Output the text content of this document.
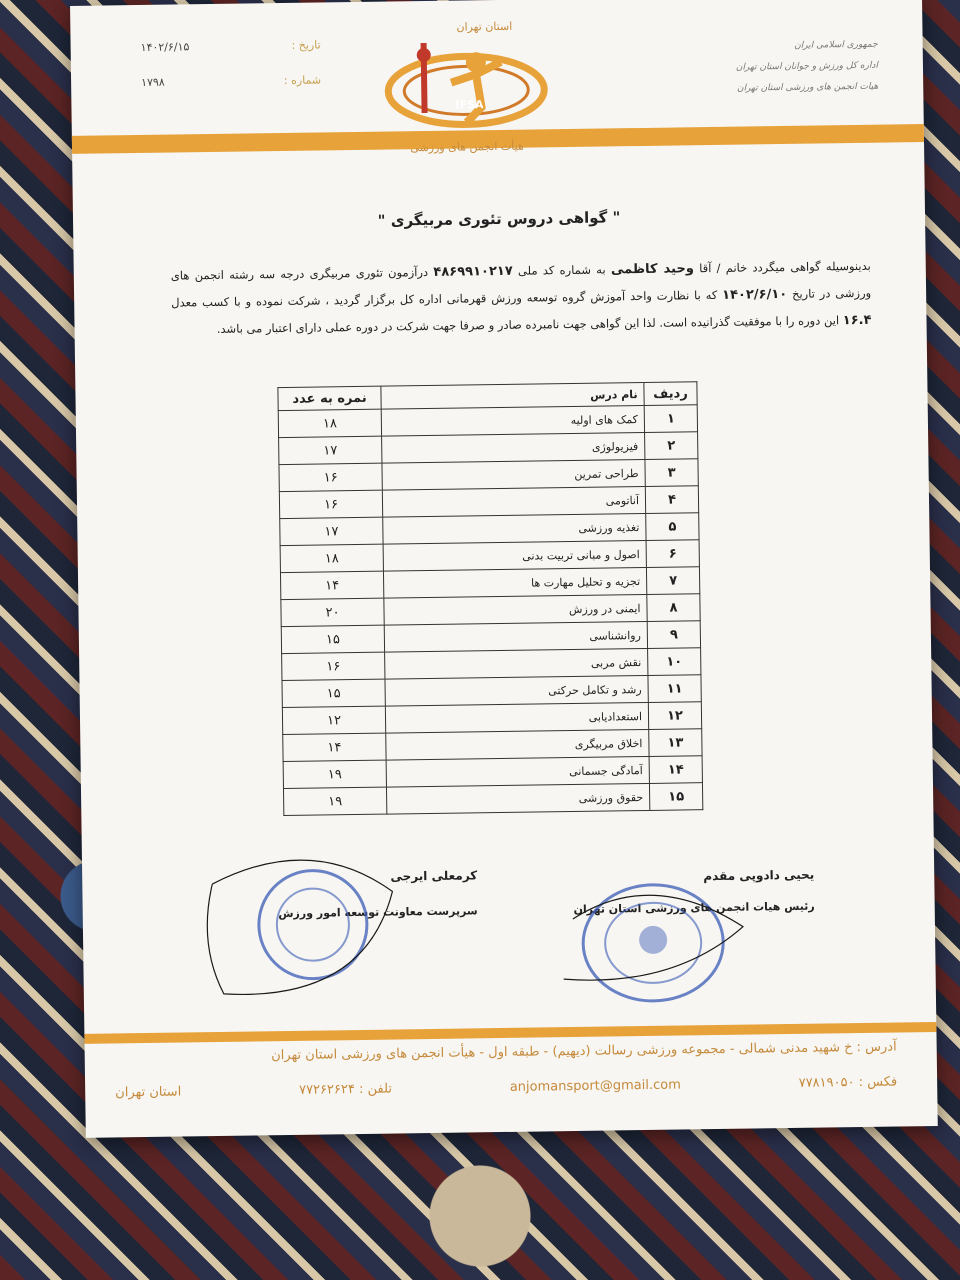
تاریخ :
۱۴۰۲/۶/۱۵
شماره :
۱۷۹۸
جمهوری اسلامی ایران
اداره کل ورزش و جوانان استان تهران
هیات انجمن های ورزشی استان تهران
استان تهران
IFSA
هیأت انجمن های ورزشی
" گواهی دروس تئوری مربیگری "
بدینوسیله گواهی میگردد خانم / آقا وحید کاظمی به شماره کد ملی ۴۸۶۹۹۱۰۲۱۷ درآزمون تئوری مربیگری درجه سه رشته انجمن های ورزشی در تاریخ ۱۴۰۲/۶/۱۰ که با نظارت واحد آموزش گروه توسعه ورزش قهرمانی اداره کل برگزار گردید ، شرکت نموده و با کسب معدل ۱۶.۴ این دوره را با موفقیت گذرانیده است. لذا این گواهی جهت نامبرده صادر و صرفا جهت شرکت در دوره عملی دارای اعتبار می باشد.
ردیف	نام درس	نمره به عدد
۱	کمک های اولیه	۱۸
۲	فیزیولوژی	۱۷
۳	طراحی تمرین	۱۶
۴	آناتومی	۱۶
۵	تغذیه ورزشی	۱۷
۶	اصول و مبانی تربیت بدنی	۱۸
۷	تجزیه و تحلیل مهارت ها	۱۴
۸	ایمنی در ورزش	۲۰
۹	روانشناسی	۱۵
۱۰	نقش مربی	۱۶
۱۱	رشد و تکامل حرکتی	۱۵
۱۲	استعدادیابی	۱۲
۱۳	اخلاق مربیگری	۱۴
۱۴	آمادگی جسمانی	۱۹
۱۵	حقوق ورزشی	۱۹
یحیی دادوپی مقدم
رئیس هیات انجمن های ورزشی استان تهران
کرمعلی ایرجی
سرپرست معاونت توسعه امور ورزش
آدرس : خ شهید مدنی شمالی - مجموعه ورزشی رسالت (دیهیم) - طبقه اول - هیأت انجمن های ورزشی استان تهران
فکس : ۷۷۸۱۹۰۵۰
anjomansport@gmail.com
تلفن : ۷۷۲۶۲۶۲۴
استان تهران
